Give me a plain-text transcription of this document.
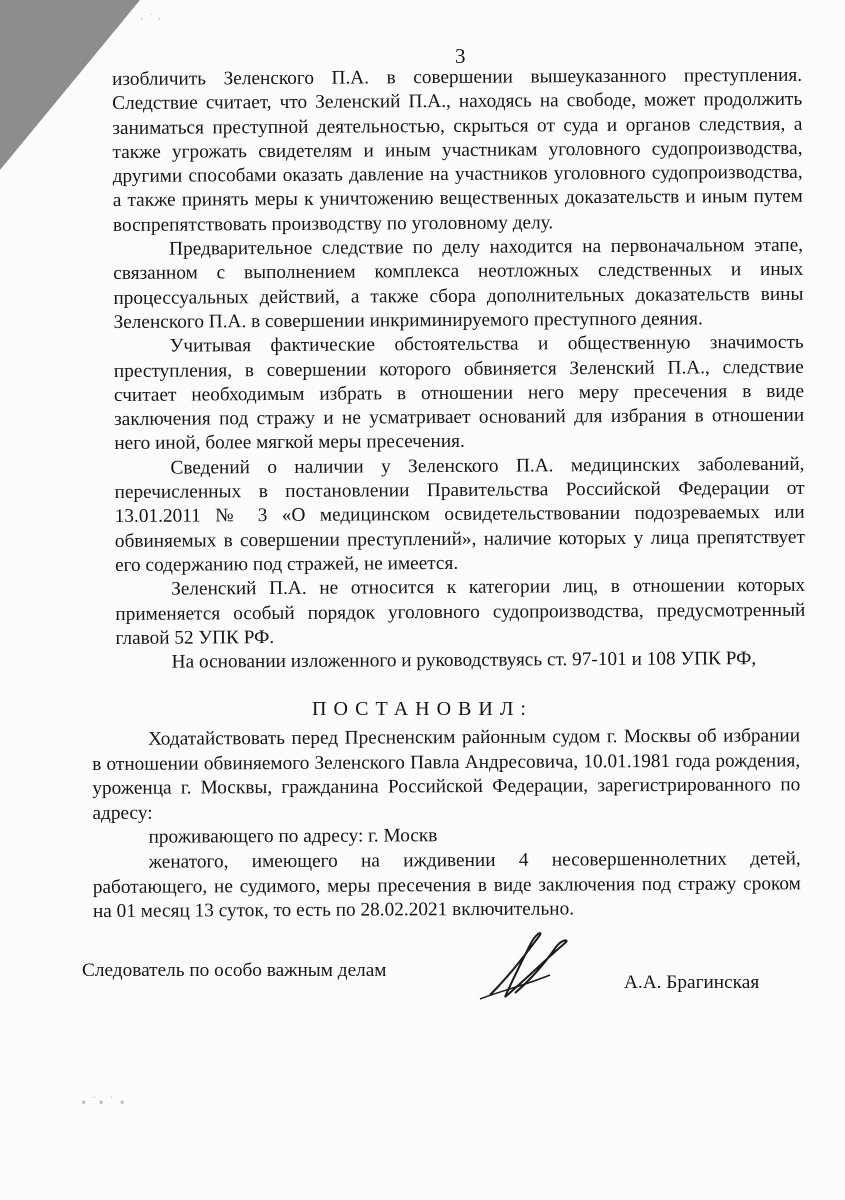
3

изобличить Зеленского П.А. в совершении вышеуказанного преступления. Следствие считает, что Зеленский П.А., находясь на свободе, может продолжить заниматься преступной деятельностью, скрыться от суда и органов следствия, а также угрожать свидетелям и иным участникам уголовного судопроизводства, другими способами оказать давление на участников уголовного судопроизводства, а также принять меры к уничтожению вещественных доказательств и иным путем воспрепятствовать производству по уголовному делу.

Предварительное следствие по делу находится на первоначальном этапе, связанном с выполнением комплекса неотложных следственных и иных процессуальных действий, а также сбора дополнительных доказательств вины Зеленского П.А. в совершении инкриминируемого преступного деяния.

Учитывая фактические обстоятельства и общественную значимость преступления, в совершении которого обвиняется Зеленский П.А., следствие считает необходимым избрать в отношении него меру пресечения в виде заключения под стражу и не усматривает оснований для избрания в отношении него иной, более мягкой меры пресечения.

Сведений о наличии у Зеленского П.А. медицинских заболеваний, перечисленных в постановлении Правительства Российской Федерации от 13.01.2011 № 3 «О медицинском освидетельствовании подозреваемых или обвиняемых в совершении преступлений», наличие которых у лица препятствует его содержанию под стражей, не имеется.

Зеленский П.А. не относится к категории лиц, в отношении которых применяется особый порядок уголовного судопроизводства, предусмотренный главой 52 УПК РФ.

На основании изложенного и руководствуясь ст. 97-101 и 108 УПК РФ,

ПОСТАНОВИЛ:

Ходатайствовать перед Пресненским районным судом г. Москвы об избрании в отношении обвиняемого Зеленского Павла Андресовича, 10.01.1981 года рождения, уроженца г. Москвы, гражданина Российской Федерации, зарегистрированного по адресу:

проживающего по адресу: г. Москв

женатого, имеющего на иждивении 4 несовершеннолетних детей, работающего, не судимого, меры пресечения в виде заключения под стражу сроком на 01 месяц 13 суток, то есть по 28.02.2021 включительно.

Следователь по особо важным делам
А.А. Брагинская
· ˙ ·
∙ ˙∙ ˙ ∙
